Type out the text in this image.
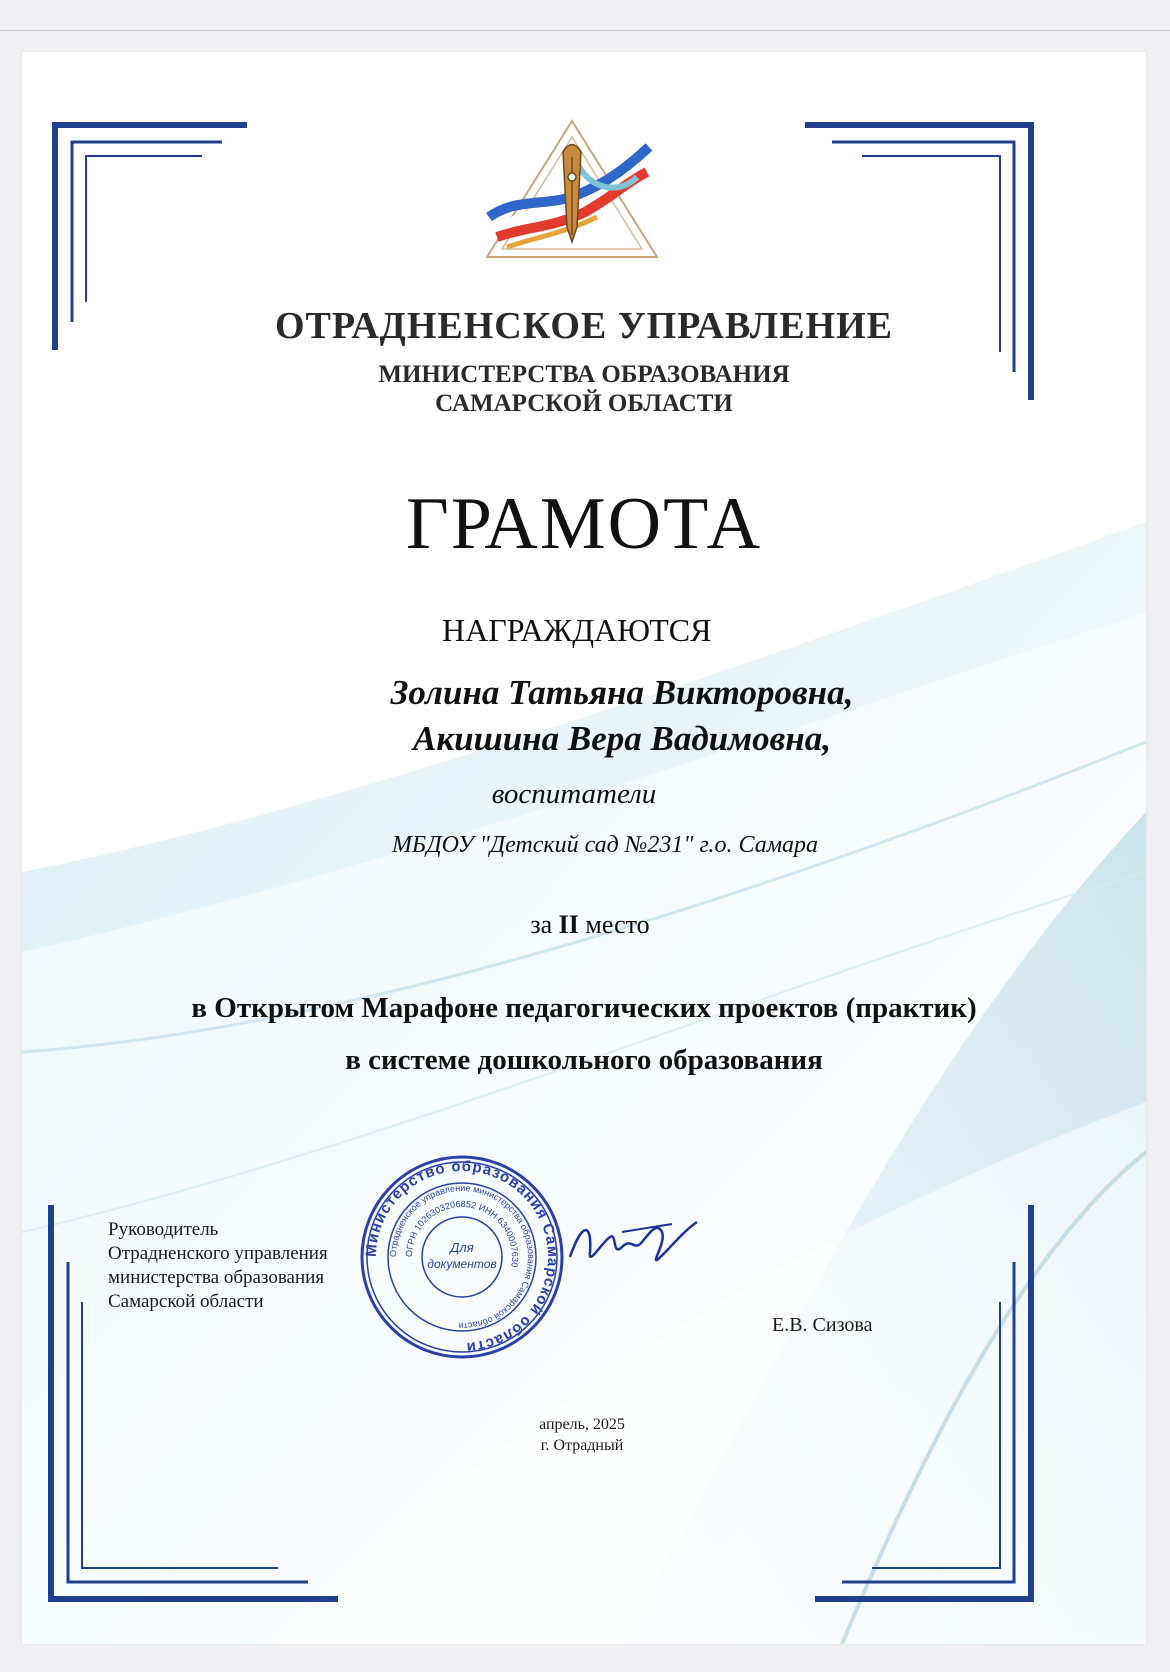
ОТРАДНЕНСКОЕ УПРАВЛЕНИЕ

МИНИСТЕРСТВА ОБРАЗОВАНИЯ
САМАРСКОЙ ОБЛАСТИ

ГРАМОТА

НАГРАЖДАЮТСЯ

Золина Татьяна Викторовна,
Акишина Вера Вадимовна,

воспитатели

МБДОУ "Детский сад №231" г.о. Самара

за II место

в Открытом Марафоне педагогических проектов (практик)
в системе дошкольного образования
Руководитель
Отрадненского управления
министерства образования
Самарской области
Министерство образования Самарской области
Отрадненское управление министерства образования Самарской области
ОГРН 1026303206852 ИНН 6340007630
Для
документов

Е.В. Сизова

апрель, 2025
г. Отрадный
